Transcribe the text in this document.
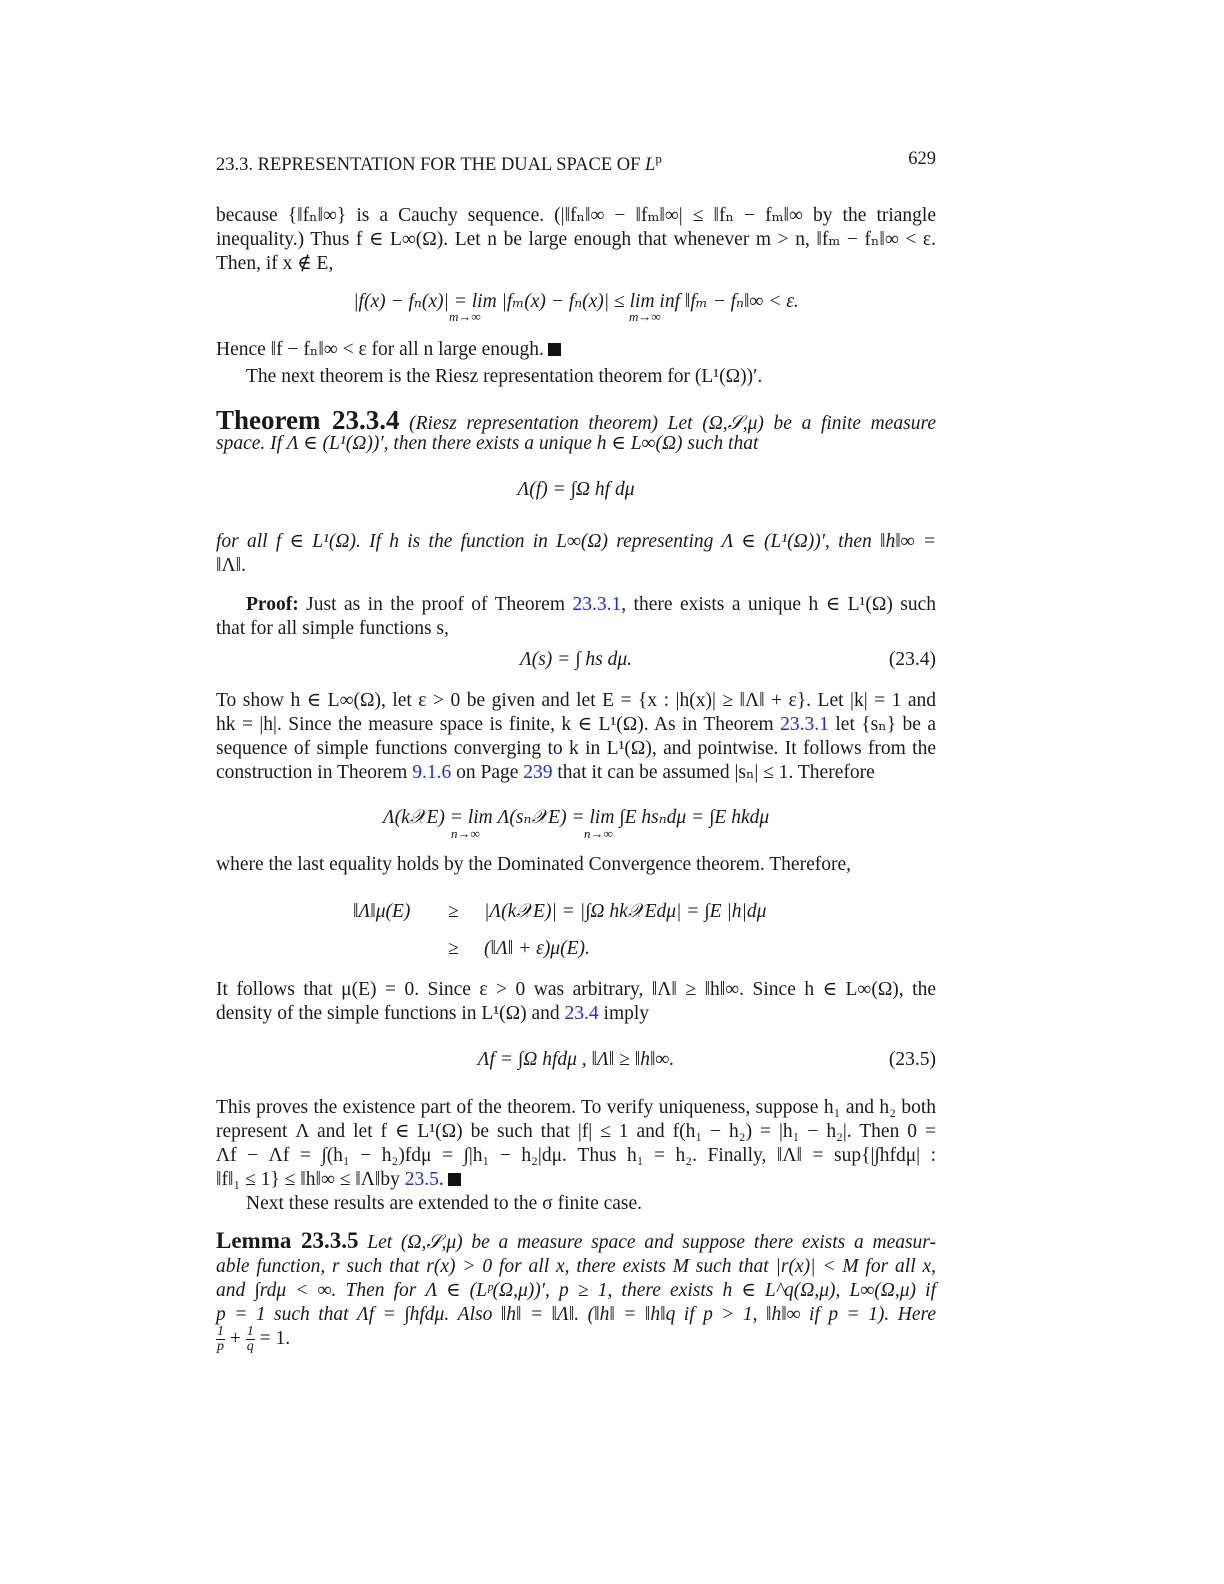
23.3. REPRESENTATION FOR THE DUAL SPACE OF $L^p$	629
because {‖fₙ‖∞} is a Cauchy sequence. (|‖fₙ‖∞ − ‖fₘ‖∞| ≤ ‖fₙ − fₘ‖∞ by the triangle
inequality.) Thus f ∈ L∞(Ω). Let n be large enough that whenever m > n, ‖fₘ − fₙ‖∞ < ε.
Then, if x ∉ E,
|f(x) − fₙ(x)| = lim |fₘ(x) − fₙ(x)| ≤ lim inf ‖fₘ − fₙ‖∞ < ε.
m→∞	m→∞
Hence ‖f − fₙ‖∞ < ε for all n large enough.
The next theorem is the Riesz representation theorem for (L¹(Ω))′.
Theorem 23.3.4 (Riesz representation theorem) Let (Ω,𝒮,μ) be a finite measure
space. If Λ ∈ (L¹(Ω))′, then there exists a unique h ∈ L∞(Ω) such that
Λ(f) = ∫Ω hf dμ
for all f ∈ L¹(Ω). If h is the function in L∞(Ω) representing Λ ∈ (L¹(Ω))′, then ‖h‖∞ =
‖Λ‖.
Proof: Just as in the proof of Theorem 23.3.1, there exists a unique h ∈ L¹(Ω) such
that for all simple functions s,
Λ(s) = ∫ hs dμ.	(23.4)
To show h ∈ L∞(Ω), let ε > 0 be given and let E = {x : |h(x)| ≥ ‖Λ‖ + ε}. Let |k| = 1 and
hk = |h|. Since the measure space is finite, k ∈ L¹(Ω). As in Theorem 23.3.1 let {sₙ} be a
sequence of simple functions converging to k in L¹(Ω), and pointwise. It follows from the
construction in Theorem 9.1.6 on Page 239 that it can be assumed |sₙ| ≤ 1. Therefore
Λ(k𝒳E) = lim Λ(sₙ𝒳E) = lim ∫E hsₙdμ = ∫E hkdμ
n→∞	n→∞
where the last equality holds by the Dominated Convergence theorem. Therefore,
‖Λ‖μ(E) ≥ |Λ(k𝒳E)| = |∫Ω hk𝒳Edμ| = ∫E |h|dμ
≥ (‖Λ‖ + ε)μ(E).
It follows that μ(E) = 0. Since ε > 0 was arbitrary, ‖Λ‖ ≥ ‖h‖∞. Since h ∈ L∞(Ω), the
density of the simple functions in L¹(Ω) and 23.4 imply
Λf = ∫Ω hfdμ , ‖Λ‖ ≥ ‖h‖∞.	(23.5)
This proves the existence part of the theorem. To verify uniqueness, suppose h₁ and h₂ both
represent Λ and let f ∈ L¹(Ω) be such that |f| ≤ 1 and f(h₁ − h₂) = |h₁ − h₂|. Then 0 =
Λf − Λf = ∫(h₁ − h₂)fdμ = ∫|h₁ − h₂|dμ. Thus h₁ = h₂. Finally, ‖Λ‖ = sup{|∫hfdμ| :
‖f‖₁ ≤ 1} ≤ ‖h‖∞ ≤ ‖Λ‖by 23.5.
Next these results are extended to the σ finite case.
Lemma 23.3.5 Let (Ω,𝒮,μ) be a measure space and suppose there exists a measur-
able function, r such that r(x) > 0 for all x, there exists M such that |r(x)| < M for all x,
and ∫rdμ < ∞. Then for Λ ∈ (Lᵖ(Ω,μ))′, p ≥ 1, there exists h ∈ L^q(Ω,μ), L∞(Ω,μ) if
p = 1 such that Λf = ∫hfdμ. Also ‖h‖ = ‖Λ‖. (‖h‖ = ‖h‖q if p > 1, ‖h‖∞ if p = 1). Here
$\frac{1}{p} + \frac{1}{q} = 1$.
